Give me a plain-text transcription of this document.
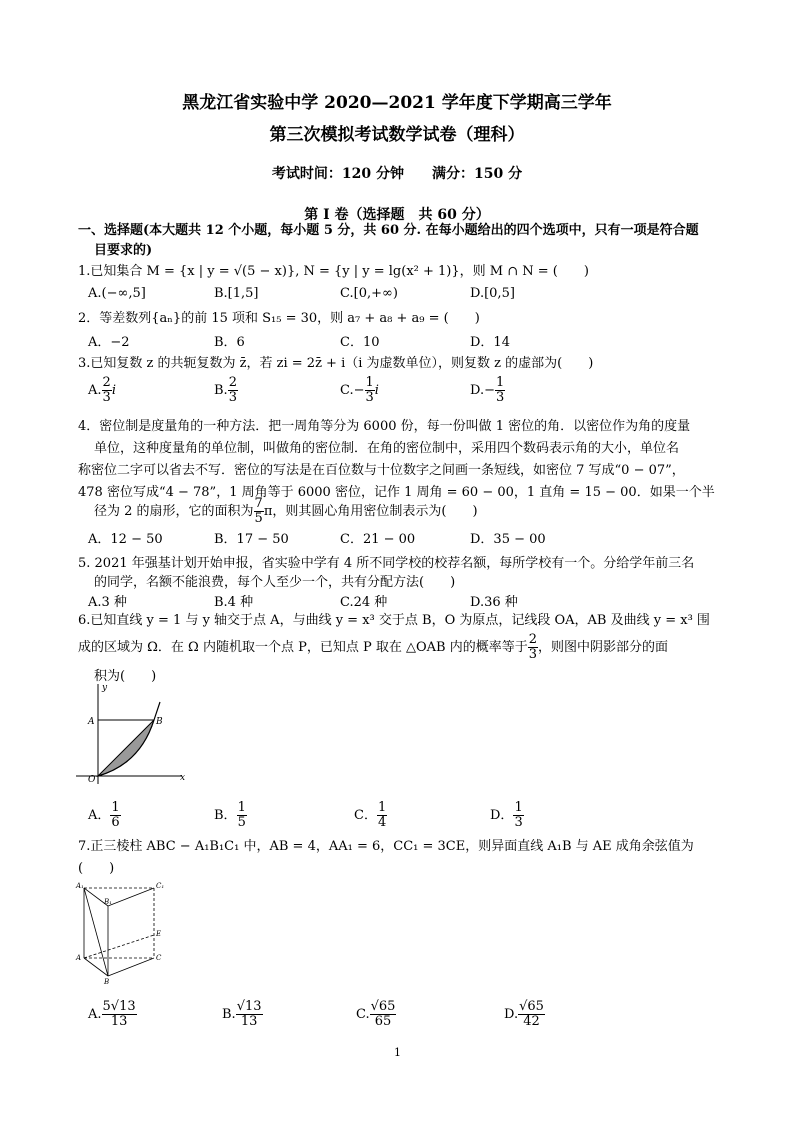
黑龙江省实验中学 2020—2021 学年度下学期高三学年
第三次模拟考试数学试卷（理科）
考试时间：120 分钟　　满分：150 分
第 I 卷（选择题　共 60 分）
一、选择题(本大题共 12 个小题，每小题 5 分，共 60 分. 在每小题给出的四个选项中，只有一项是符合题
目要求的)
1.已知集合 M = {x | y = √(5 − x)}, N = {y | y = lg(x² + 1)}，则 M ∩ N = (　　)
A.(−∞,5]	B.[1,5]	C.[0,+∞)	D.[0,5]
2．等差数列{aₙ}的前 15 项和 S₁₅ = 30，则 a₇ + a₈ + a₉ = (　　)
A．−2	B．6	C．10	D．14
3.已知复数 z 的共轭复数为 z̄，若 zi = 2z̄ + i（i 为虚数单位），则复数 z 的虚部为(　　)
A. $\frac{2}{3}$ i	B. $\frac{2}{3}$	$C.- \frac{1}{3}$ i	$D.- \frac{1}{3}$
4．密位制是度量角的一种方法．把一周角等分为 6000 份，每一份叫做 1 密位的角．以密位作为角的度量
单位，这种度量角的单位制，叫做角的密位制．在角的密位制中，采用四个数码表示角的大小，单位名
称密位二字可以省去不写．密位的写法是在百位数与十位数字之间画一条短线，如密位 7 写成“0 − 07”，
478 密位写成“4 − 78”，1 周角等于 6000 密位，记作 1 周角 = 60 − 00，1 直角 = 15 − 00．如果一个半
径为 2 的扇形，它的面积为 $\frac{7}{5}$ π，则其圆心角用密位制表示为(　　)
A．12 − 50	B．17 − 50	C．21 − 00	D．35 − 00
5. 2021 年强基计划开始申报，省实验中学有 4 所不同学校的校荐名额，每所学校有一个。分给学年前三名
的同学，名额不能浪费，每个人至少一个，共有分配方法(　　)
A.3 种	B.4 种	C.24 种	D.36 种
6.已知直线 y = 1 与 y 轴交于点 A，与曲线 y = x³ 交于点 B，O 为原点，记线段 OA，AB 及曲线 y = x³ 围
成的区域为 Ω．在 Ω 内随机取一个点 P，已知点 P 取在 △OAB 内的概率等于 $\frac{2}{3}$ ，则图中阴影部分的面
积为(　　)
y
x
A	B
O
A． $\frac{1}{6}$	B． $\frac{1}{5}$	C． $\frac{1}{4}$	D． $\frac{1}{3}$
7.正三棱柱 ABC − A₁B₁C₁ 中，AB = 4，AA₁ = 6，CC₁ = 3CE，则异面直线 A₁B 与 AE 成角余弦值为
(　　)
A₁
B₁
C₁
E
A
B
C
A. $\frac{5√13}{13}$	B. $\frac{√13}{13}$	C. $\frac{√65}{65}$	D. $\frac{√65}{42}$
1
